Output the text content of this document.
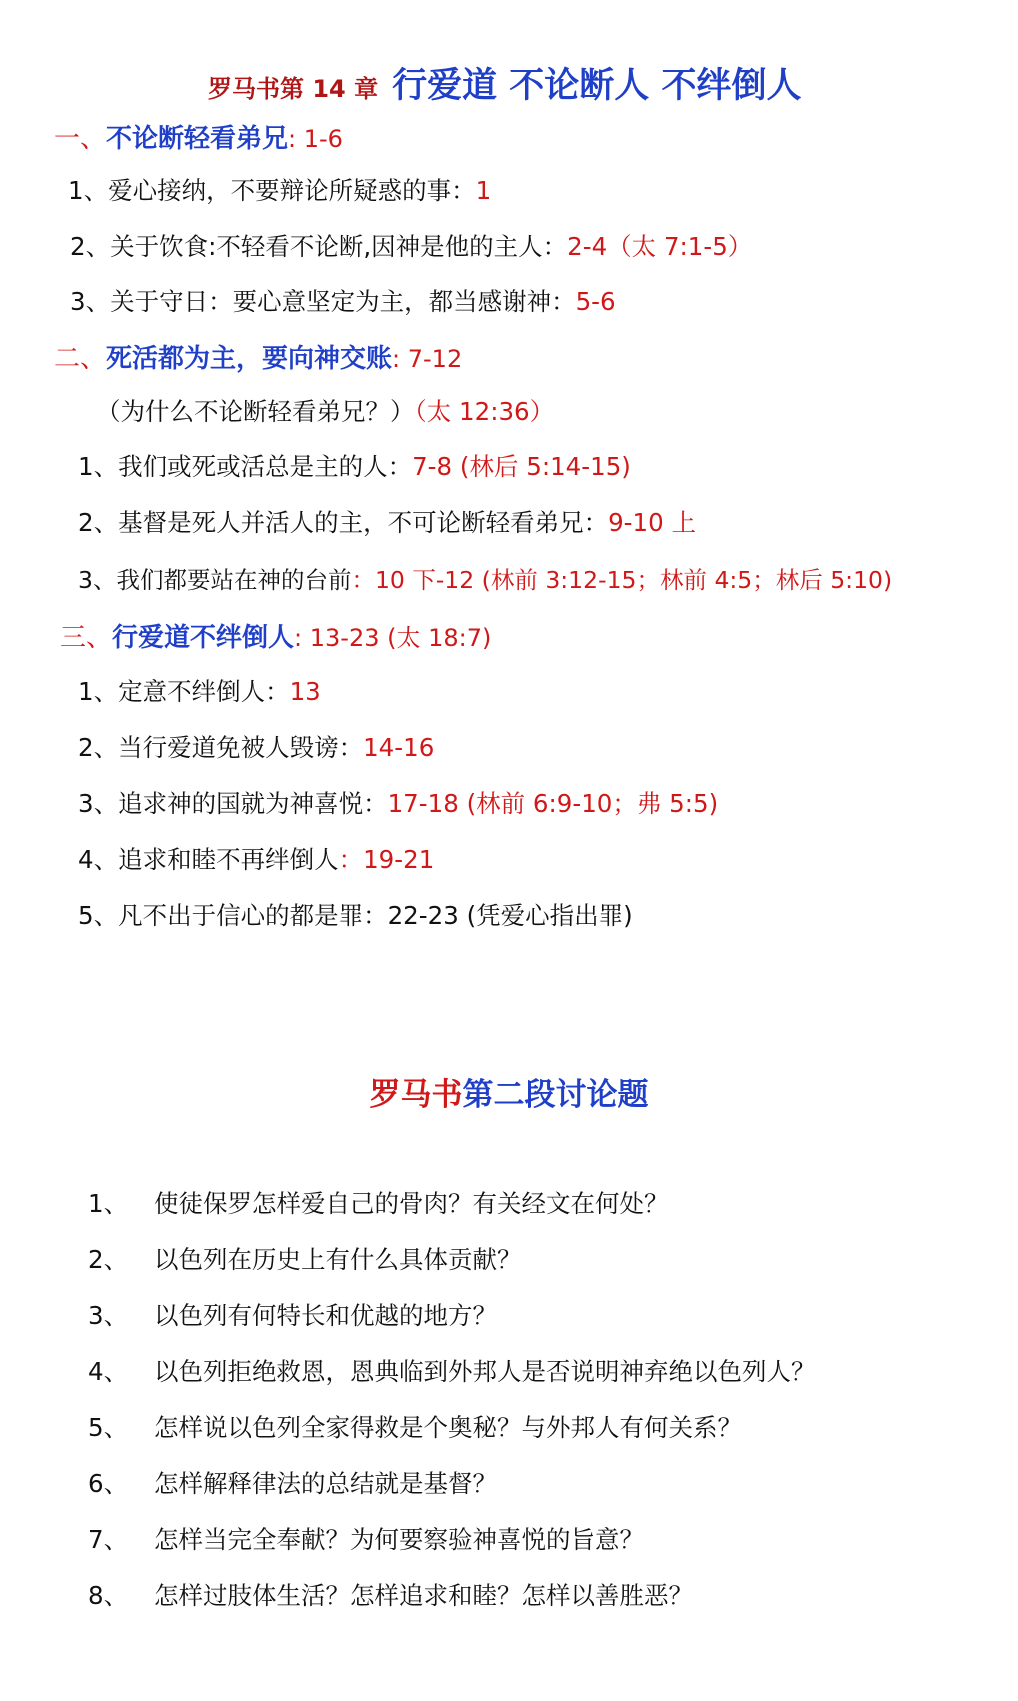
罗马书第 14 章 行爱道 不论断人 不绊倒人
一、不论断轻看弟兄: 1-6
1、爱心接纳，不要辩论所疑惑的事：1
2、关于饮食:不轻看不论断,因神是他的主人：2-4（太 7:1-5）
3、关于守日：要心意坚定为主，都当感谢神：5-6
二、死活都为主，要向神交账: 7-12
（为什么不论断轻看弟兄？）（太 12:36）
1、我们或死或活总是主的人：7-8 (林后 5:14-15)
2、基督是死人并活人的主，不可论断轻看弟兄：9-10 上
3、我们都要站在神的台前：10 下-12 (林前 3:12-15；林前 4:5；林后 5:10)
三、行爱道不绊倒人: 13-23 (太 18:7)
1、定意不绊倒人：13
2、当行爱道免被人毁谤：14-16
3、追求神的国就为神喜悦：17-18 (林前 6:9-10；弗 5:5)
4、追求和睦不再绊倒人：19-21
5、凡不出于信心的都是罪：22-23 (凭爱心指出罪)
罗马书第二段讨论题
1、 使徒保罗怎样爱自己的骨肉？有关经文在何处？
2、 以色列在历史上有什么具体贡献？
3、 以色列有何特长和优越的地方？
4、 以色列拒绝救恩，恩典临到外邦人是否说明神弃绝以色列人？
5、 怎样说以色列全家得救是个奥秘？与外邦人有何关系？
6、 怎样解释律法的总结就是基督？
7、 怎样当完全奉献？为何要察验神喜悦的旨意？
8、 怎样过肢体生活？怎样追求和睦？怎样以善胜恶？
